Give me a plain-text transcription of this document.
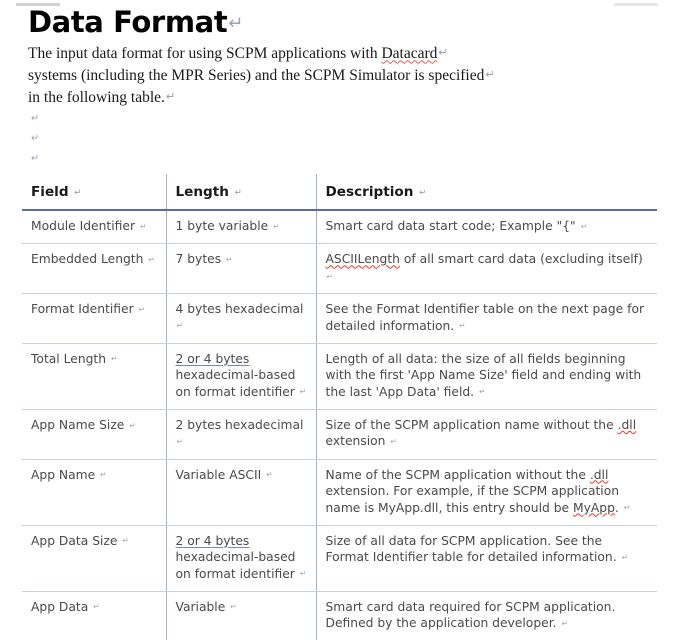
Data Format↵

The input data format for using SCPM applications with Datacard↵
systems (including the MPR Series) and the SCPM Simulator is specified↵
in the following table.↵

↵
↵
↵
Field ↵	Length ↵	Description ↵
Module Identifier ↵	1 byte variable ↵	Smart card data start code; Example "{" ↵
Embedded Length ↵	7 bytes ↵	ASCIILength of all smart card data (excluding itself) ↵
Format Identifier ↵	4 bytes hexadecimal ↵	See the Format Identifier table on the next page for detailed information. ↵
Total Length ↵	2 or 4 bytes
hexadecimal-based on format identifier ↵	Length of all data: the size of all fields beginning with the first 'App Name Size' field and ending with the last 'App Data' field. ↵
App Name Size ↵	2 bytes hexadecimal ↵	Size of the SCPM application name without the .dll extension ↵
App Name ↵	Variable ASCII ↵	Name of the SCPM application without the .dll extension. For example, if the SCPM application name is MyApp.dll, this entry should be MyApp. ↵
App Data Size ↵	2 or 4 bytes
hexadecimal-based on format identifier ↵	Size of all data for SCPM application. See the Format Identifier table for detailed information. ↵
App Data ↵	Variable ↵	Smart card data required for SCPM application. Defined by the application developer. ↵
